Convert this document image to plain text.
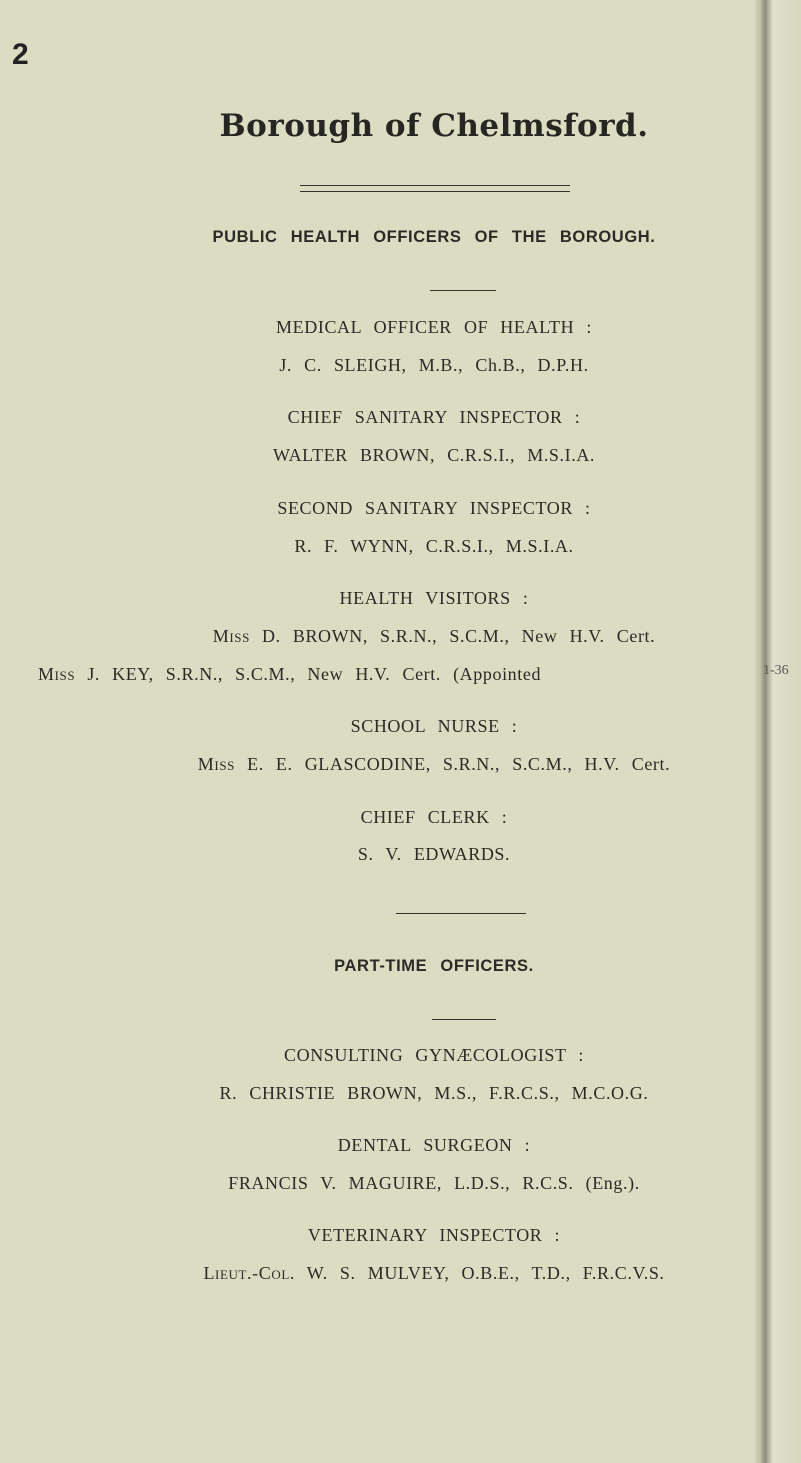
1-36
2
Borough of Chelmsford.
PUBLIC HEALTH OFFICERS OF THE BOROUGH.
MEDICAL OFFICER OF HEALTH :
J. C. SLEIGH, M.B., Ch.B., D.P.H.
CHIEF SANITARY INSPECTOR :
WALTER BROWN, C.R.S.I., M.S.I.A.
SECOND SANITARY INSPECTOR :
R. F. WYNN, C.R.S.I., M.S.I.A.
HEALTH VISITORS :
Miss D. BROWN, S.R.N., S.C.M., New H.V. Cert.
Miss J. KEY, S.R.N., S.C.M., New H.V. Cert. (Appointed
SCHOOL NURSE :
Miss E. E. GLASCODINE, S.R.N., S.C.M., H.V. Cert.
CHIEF CLERK :
S. V. EDWARDS.
PART-TIME OFFICERS.
CONSULTING GYNÆCOLOGIST :
R. CHRISTIE BROWN, M.S., F.R.C.S., M.C.O.G.
DENTAL SURGEON :
FRANCIS V. MAGUIRE, L.D.S., R.C.S. (Eng.).
VETERINARY INSPECTOR :
Lieut.-Col. W. S. MULVEY, O.B.E., T.D., F.R.C.V.S.
